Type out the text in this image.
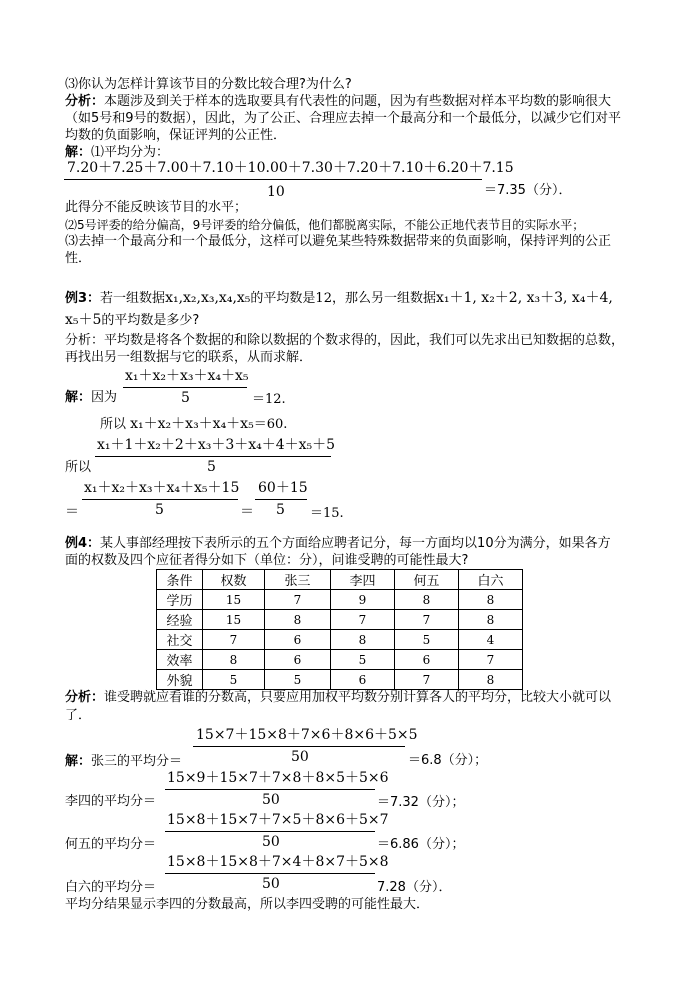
⑶你认为怎样计算该节目的分数比较合理?为什么?
分析：本题涉及到关于样本的选取要具有代表性的问题，因为有些数据对样本平均数的影响很大
（如5号和9号的数据），因此，为了公正、合理应去掉一个最高分和一个最低分，以减少它们对平
均数的负面影响，保证评判的公正性．
解：⑴平均分为：
7.20＋7.25＋7.00＋7.10＋10.00＋7.30＋7.20＋7.10＋6.20＋7.15
10	＝7.35（分）．
此得分不能反映该节目的水平；
⑵5号评委的给分偏高，9号评委的给分偏低，他们都脱离实际，不能公正地代表节目的实际水平；
⑶去掉一个最高分和一个最低分，这样可以避免某些特殊数据带来的负面影响，保持评判的公正
性．
例3：若一组数据x₁,x₂,x₃,x₄,x₅的平均数是12，那么另一组数据x₁＋1, x₂＋2, x₃＋3, x₄＋4,
x₅＋5的平均数是多少?
分析：平均数是将各个数据的和除以数据的个数求得的，因此，我们可以先求出已知数据的总数，
再找出另一组数据与它的联系，从而求解．
x₁＋x₂＋x₃＋x₄＋x₅
解：因为	5	＝12.
所以 x₁＋x₂＋x₃＋x₄＋x₅＝60.
x₁＋1＋x₂＋2＋x₃＋3＋x₄＋4＋x₅＋5
所以	5
x₁＋x₂＋x₃＋x₄＋x₅＋15
＝	5	＝
60＋15
5 ＝15.
例4：某人事部经理按下表所示的五个方面给应聘者记分，每一方面均以10分为满分，如果各方
面的权数及四个应征者得分如下（单位：分），问谁受聘的可能性最大?
条件	权数	张三	李四	何五	白六
学历	15	7	9	8	8
经验	15	8	7	7	8
社交	7	6	8	5	4
效率	8	6	5	6	7
外貌	5	5	6	7	8
分析：谁受聘就应看谁的分数高，只要应用加权平均数分别计算各人的平均分，比较大小就可以
了．
15×7＋15×8＋7×6＋8×6＋5×5
解：张三的平均分＝	50	＝6.8（分）；
15×9＋15×7＋7×8＋8×5＋5×6
李四的平均分＝	50	＝7.32（分）；
15×8＋15×7＋7×5＋8×6＋5×7
何五的平均分＝	50	＝6.86（分）；
15×8＋15×8＋7×4＋8×7＋5×8
白六的平均分＝	50	7.28（分）．
平均分结果显示李四的分数最高，所以李四受聘的可能性最大．
